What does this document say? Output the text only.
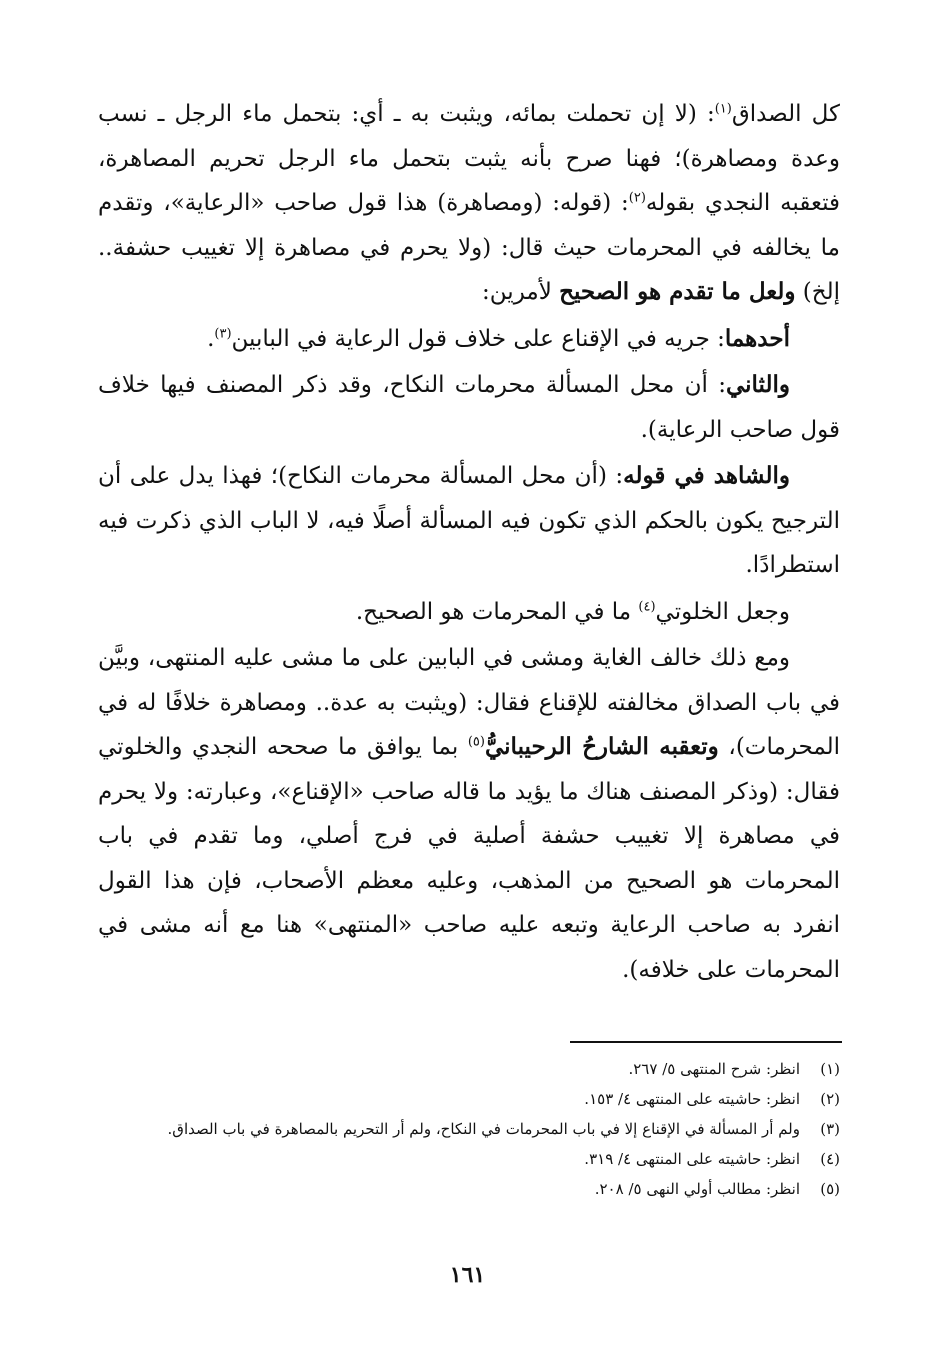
كل الصداق$^{(١)}$: (لا إن تحملت بمائه، ويثبت به ـ أي: بتحمل ماء الرجل ـ نسب وعدة ومصاهرة)؛ فهنا صرح بأنه يثبت بتحمل ماء الرجل تحريم المصاهرة، فتعقبه النجدي بقوله$^{(٢)}$: (قوله: (ومصاهرة) هذا قول صاحب «الرعاية»، وتقدم ما يخالفه في المحرمات حيث قال: (ولا يحرم في مصاهرة إلا تغييب حشفة.. إلخ) ولعل ما تقدم هو الصحيح لأمرين:

أحدهما: جريه في الإقناع على خلاف قول الرعاية في البابين$^{(٣)}$.

والثاني: أن محل المسألة محرمات النكاح، وقد ذكر المصنف فيها خلاف قول صاحب الرعاية).

والشاهد في قوله: (أن محل المسألة محرمات النكاح)؛ فهذا يدل على أن الترجيح يكون بالحكم الذي تكون فيه المسألة أصلًا فيه، لا الباب الذي ذكرت فيه استطرادًا.

وجعل الخلوتي$^{(٤)}$ ما في المحرمات هو الصحيح.

ومع ذلك خالف الغاية ومشى في البابين على ما مشى عليه المنتهى، وبيَّن في باب الصداق مخالفته للإقناع فقال: (ويثبت به عدة.. ومصاهرة خلافًا له في المحرمات)، وتعقبه الشارحُ الرحيبانيُّ$^{(٥)}$ بما يوافق ما صححه النجدي والخلوتي فقال: (وذكر المصنف هناك ما يؤيد ما قاله صاحب «الإقناع»، وعبارته: ولا يحرم في مصاهرة إلا تغييب حشفة أصلية في فرج أصلي، وما تقدم في باب المحرمات هو الصحيح من المذهب، وعليه معظم الأصحاب، فإن هذا القول انفرد به صاحب الرعاية وتبعه عليه صاحب «المنتهى» هنا مع أنه مشى في المحرمات على خلافه).

(١)
انظر: شرح المنتهى ٥/ ٢٦٧.
(٢)
انظر: حاشيته على المنتهى ٤/ ١٥٣.
(٣)
ولم أر المسألة في الإقناع إلا في باب المحرمات في النكاح، ولم أر التحريم بالمصاهرة في باب الصداق.
(٤)
انظر: حاشيته على المنتهى ٤/ ٣١٩.
(٥)
انظر: مطالب أولي النهى ٥/ ٢٠٨.
١٦١
